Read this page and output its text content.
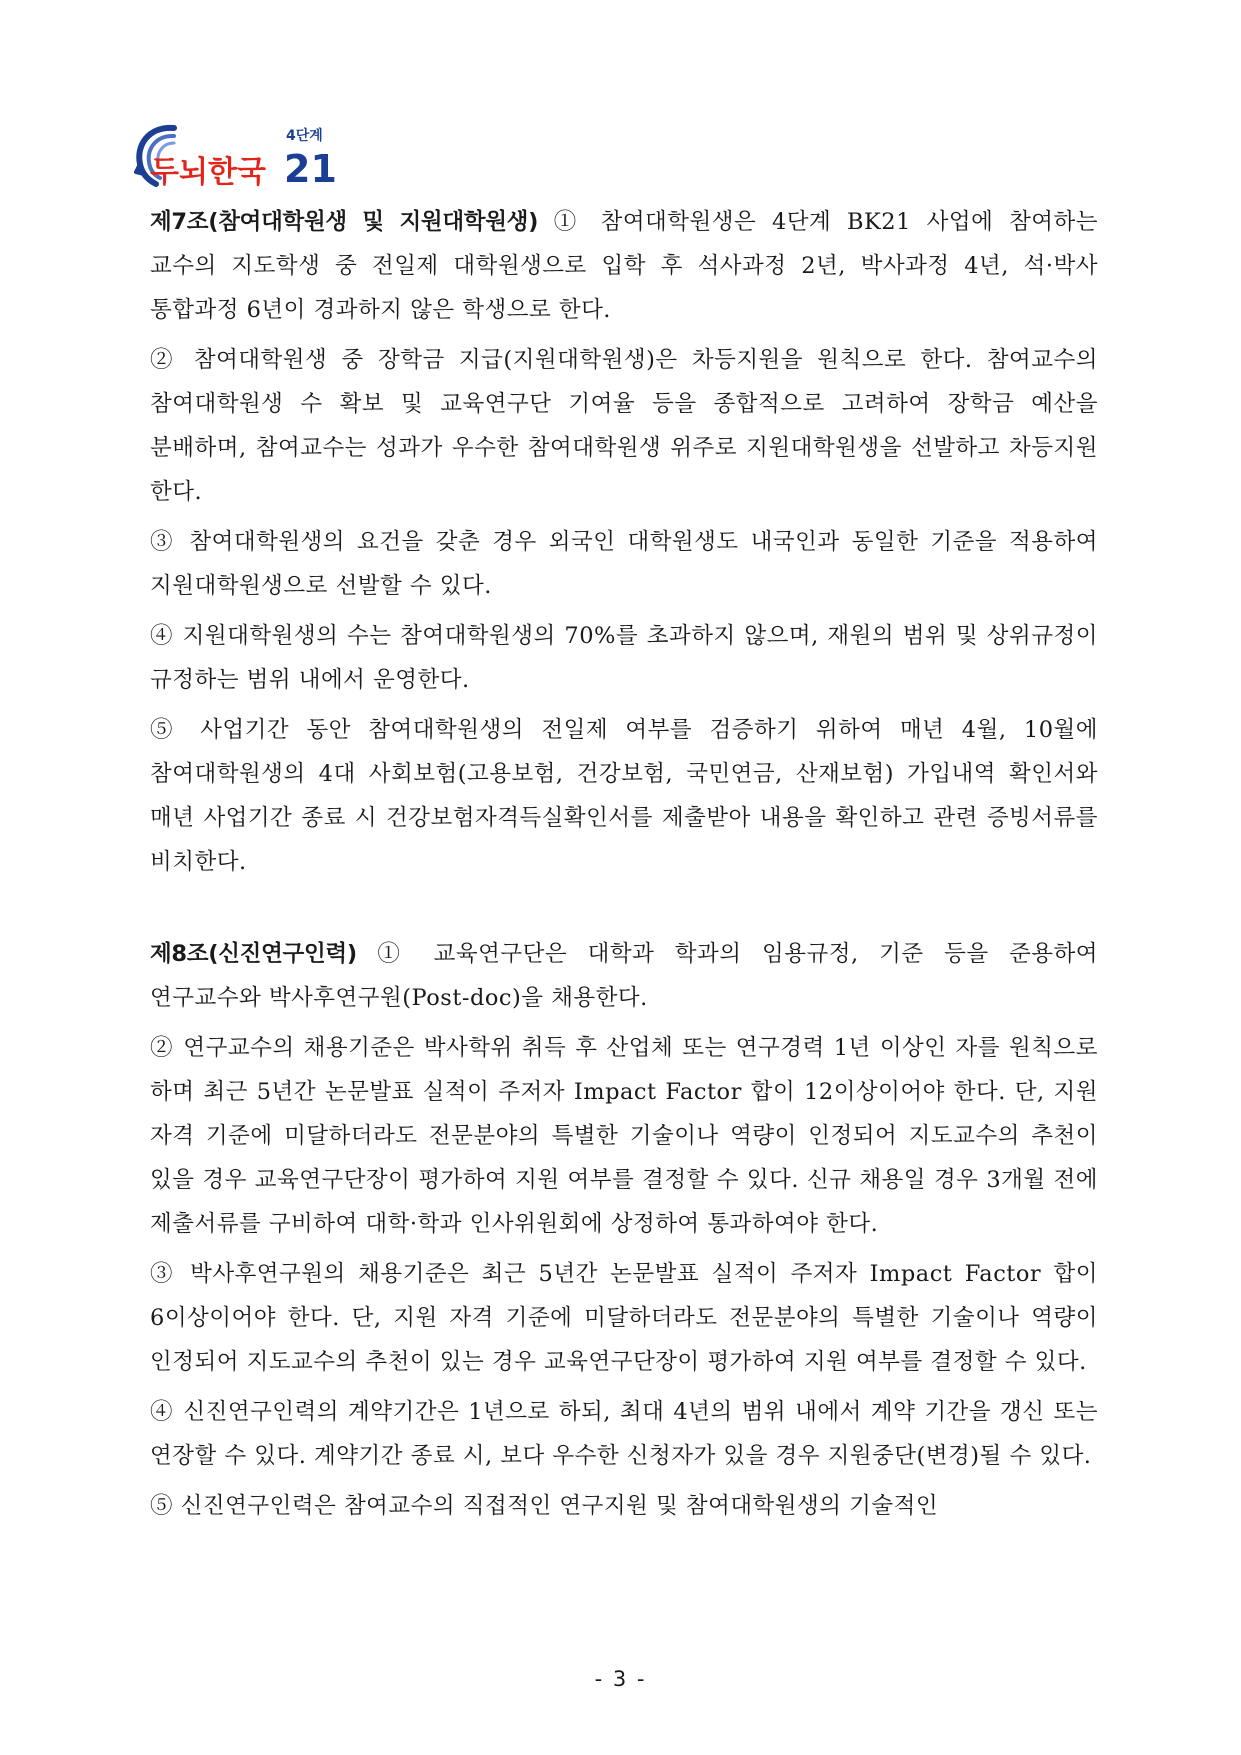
두뇌한국 21
4단계

제7조(참여대학원생 및 지원대학원생) ① 참여대학원생은 4단계 BK21 사업에 참여하는 교수의 지도학생 중 전일제 대학원생으로 입학 후 석사과정 2년, 박사과정 4년, 석·박사 통합과정 6년이 경과하지 않은 학생으로 한다.

② 참여대학원생 중 장학금 지급(지원대학원생)은 차등지원을 원칙으로 한다. 참여교수의 참여대학원생 수 확보 및 교육연구단 기여율 등을 종합적으로 고려하여 장학금 예산을 분배하며, 참여교수는 성과가 우수한 참여대학원생 위주로 지원대학원생을 선발하고 차등지원 한다.

③ 참여대학원생의 요건을 갖춘 경우 외국인 대학원생도 내국인과 동일한 기준을 적용하여 지원대학원생으로 선발할 수 있다.

④ 지원대학원생의 수는 참여대학원생의 70%를 초과하지 않으며, 재원의 범위 및 상위규정이 규정하는 범위 내에서 운영한다.

⑤ 사업기간 동안 참여대학원생의 전일제 여부를 검증하기 위하여 매년 4월, 10월에 참여대학원생의 4대 사회보험(고용보험, 건강보험, 국민연금, 산재보험) 가입내역 확인서와 매년 사업기간 종료 시 건강보험자격득실확인서를 제출받아 내용을 확인하고 관련 증빙서류를 비치한다.

제8조(신진연구인력) ① 교육연구단은 대학과 학과의 임용규정, 기준 등을 준용하여 연구교수와 박사후연구원(Post-doc)을 채용한다.

② 연구교수의 채용기준은 박사학위 취득 후 산업체 또는 연구경력 1년 이상인 자를 원칙으로 하며 최근 5년간 논문발표 실적이 주저자 Impact Factor 합이 12이상이어야 한다. 단, 지원 자격 기준에 미달하더라도 전문분야의 특별한 기술이나 역량이 인정되어 지도교수의 추천이 있을 경우 교육연구단장이 평가하여 지원 여부를 결정할 수 있다. 신규 채용일 경우 3개월 전에 제출서류를 구비하여 대학·학과 인사위원회에 상정하여 통과하여야 한다.

③ 박사후연구원의 채용기준은 최근 5년간 논문발표 실적이 주저자 Impact Factor 합이 6이상이어야 한다. 단, 지원 자격 기준에 미달하더라도 전문분야의 특별한 기술이나 역량이 인정되어 지도교수의 추천이 있는 경우 교육연구단장이 평가하여 지원 여부를 결정할 수 있다.

④ 신진연구인력의 계약기간은 1년으로 하되, 최대 4년의 범위 내에서 계약 기간을 갱신 또는 연장할 수 있다. 계약기간 종료 시, 보다 우수한 신청자가 있을 경우 지원중단(변경)될 수 있다.

⑤ 신진연구인력은 참여교수의 직접적인 연구지원 및 참여대학원생의 기술적인

- 3 -
